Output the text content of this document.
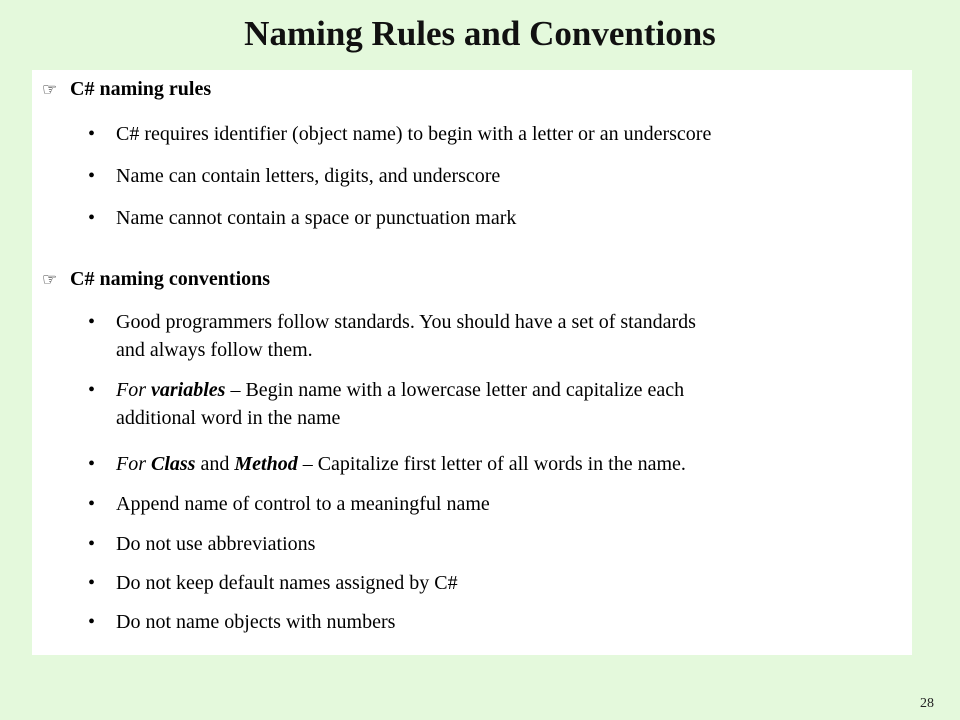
Naming Rules and Conventions
☞ C# naming rules
• C# requires identifier (object name) to begin with a letter or an underscore
• Name can contain letters, digits, and underscore
• Name cannot contain a space or punctuation mark
☞ C# naming conventions
• Good programmers follow standards. You should have a set of standards
and always follow them.
• For variables – Begin name with a lowercase letter and capitalize each
additional word in the name
• For Class and Method – Capitalize first letter of all words in the name.
• Append name of control to a meaningful name
• Do not use abbreviations
• Do not keep default names assigned by C#
• Do not name objects with numbers
28
